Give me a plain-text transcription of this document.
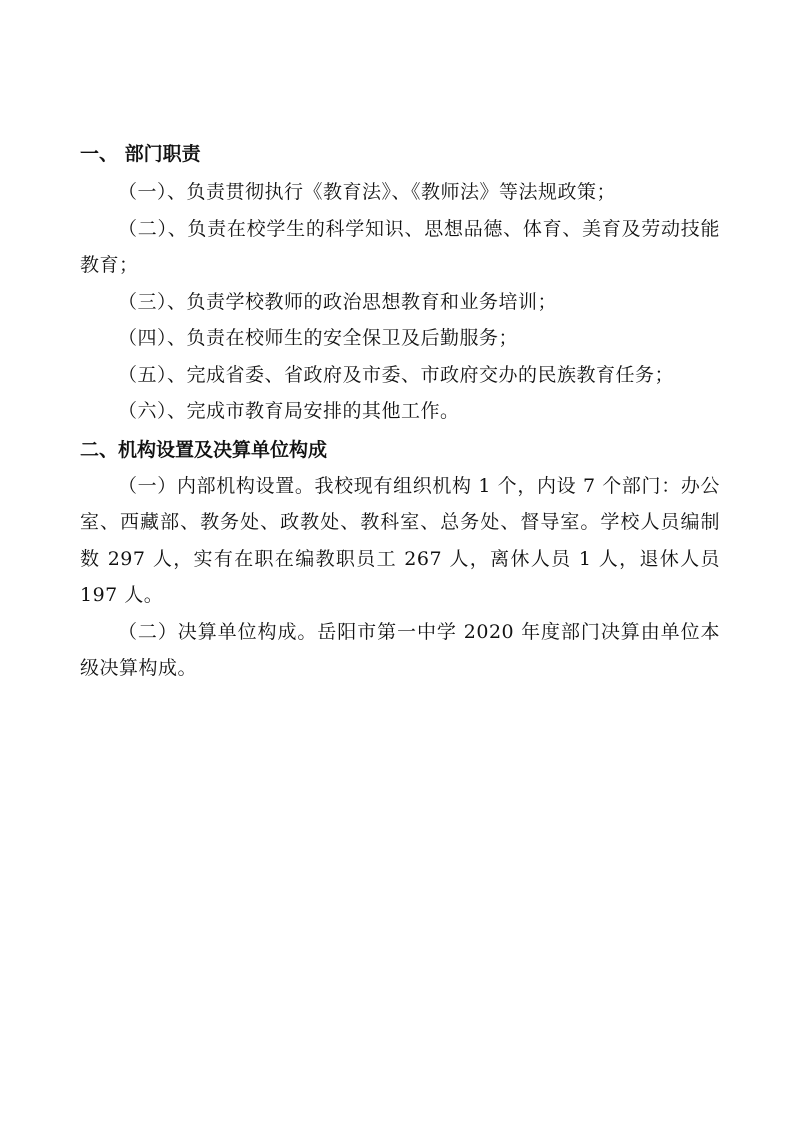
一、 部门职责

（一）、负责贯彻执行《教育法》、《教师法》等法规政策；

（二）、负责在校学生的科学知识、思想品德、体育、美育及劳动技能教育；

（三）、负责学校教师的政治思想教育和业务培训；

（四）、负责在校师生的安全保卫及后勤服务；

（五）、完成省委、省政府及市委、市政府交办的民族教育任务；

（六）、完成市教育局安排的其他工作。

二、机构设置及决算单位构成

（一）内部机构设置。我校现有组织机构 1 个，内设 7 个部门：办公室、西藏部、教务处、政教处、教科室、总务处、督导室。学校人员编制数 297 人，实有在职在编教职员工 267 人，离休人员 1 人，退休人员 197 人。

（二）决算单位构成。岳阳市第一中学 2020 年度部门决算由单位本级决算构成。
